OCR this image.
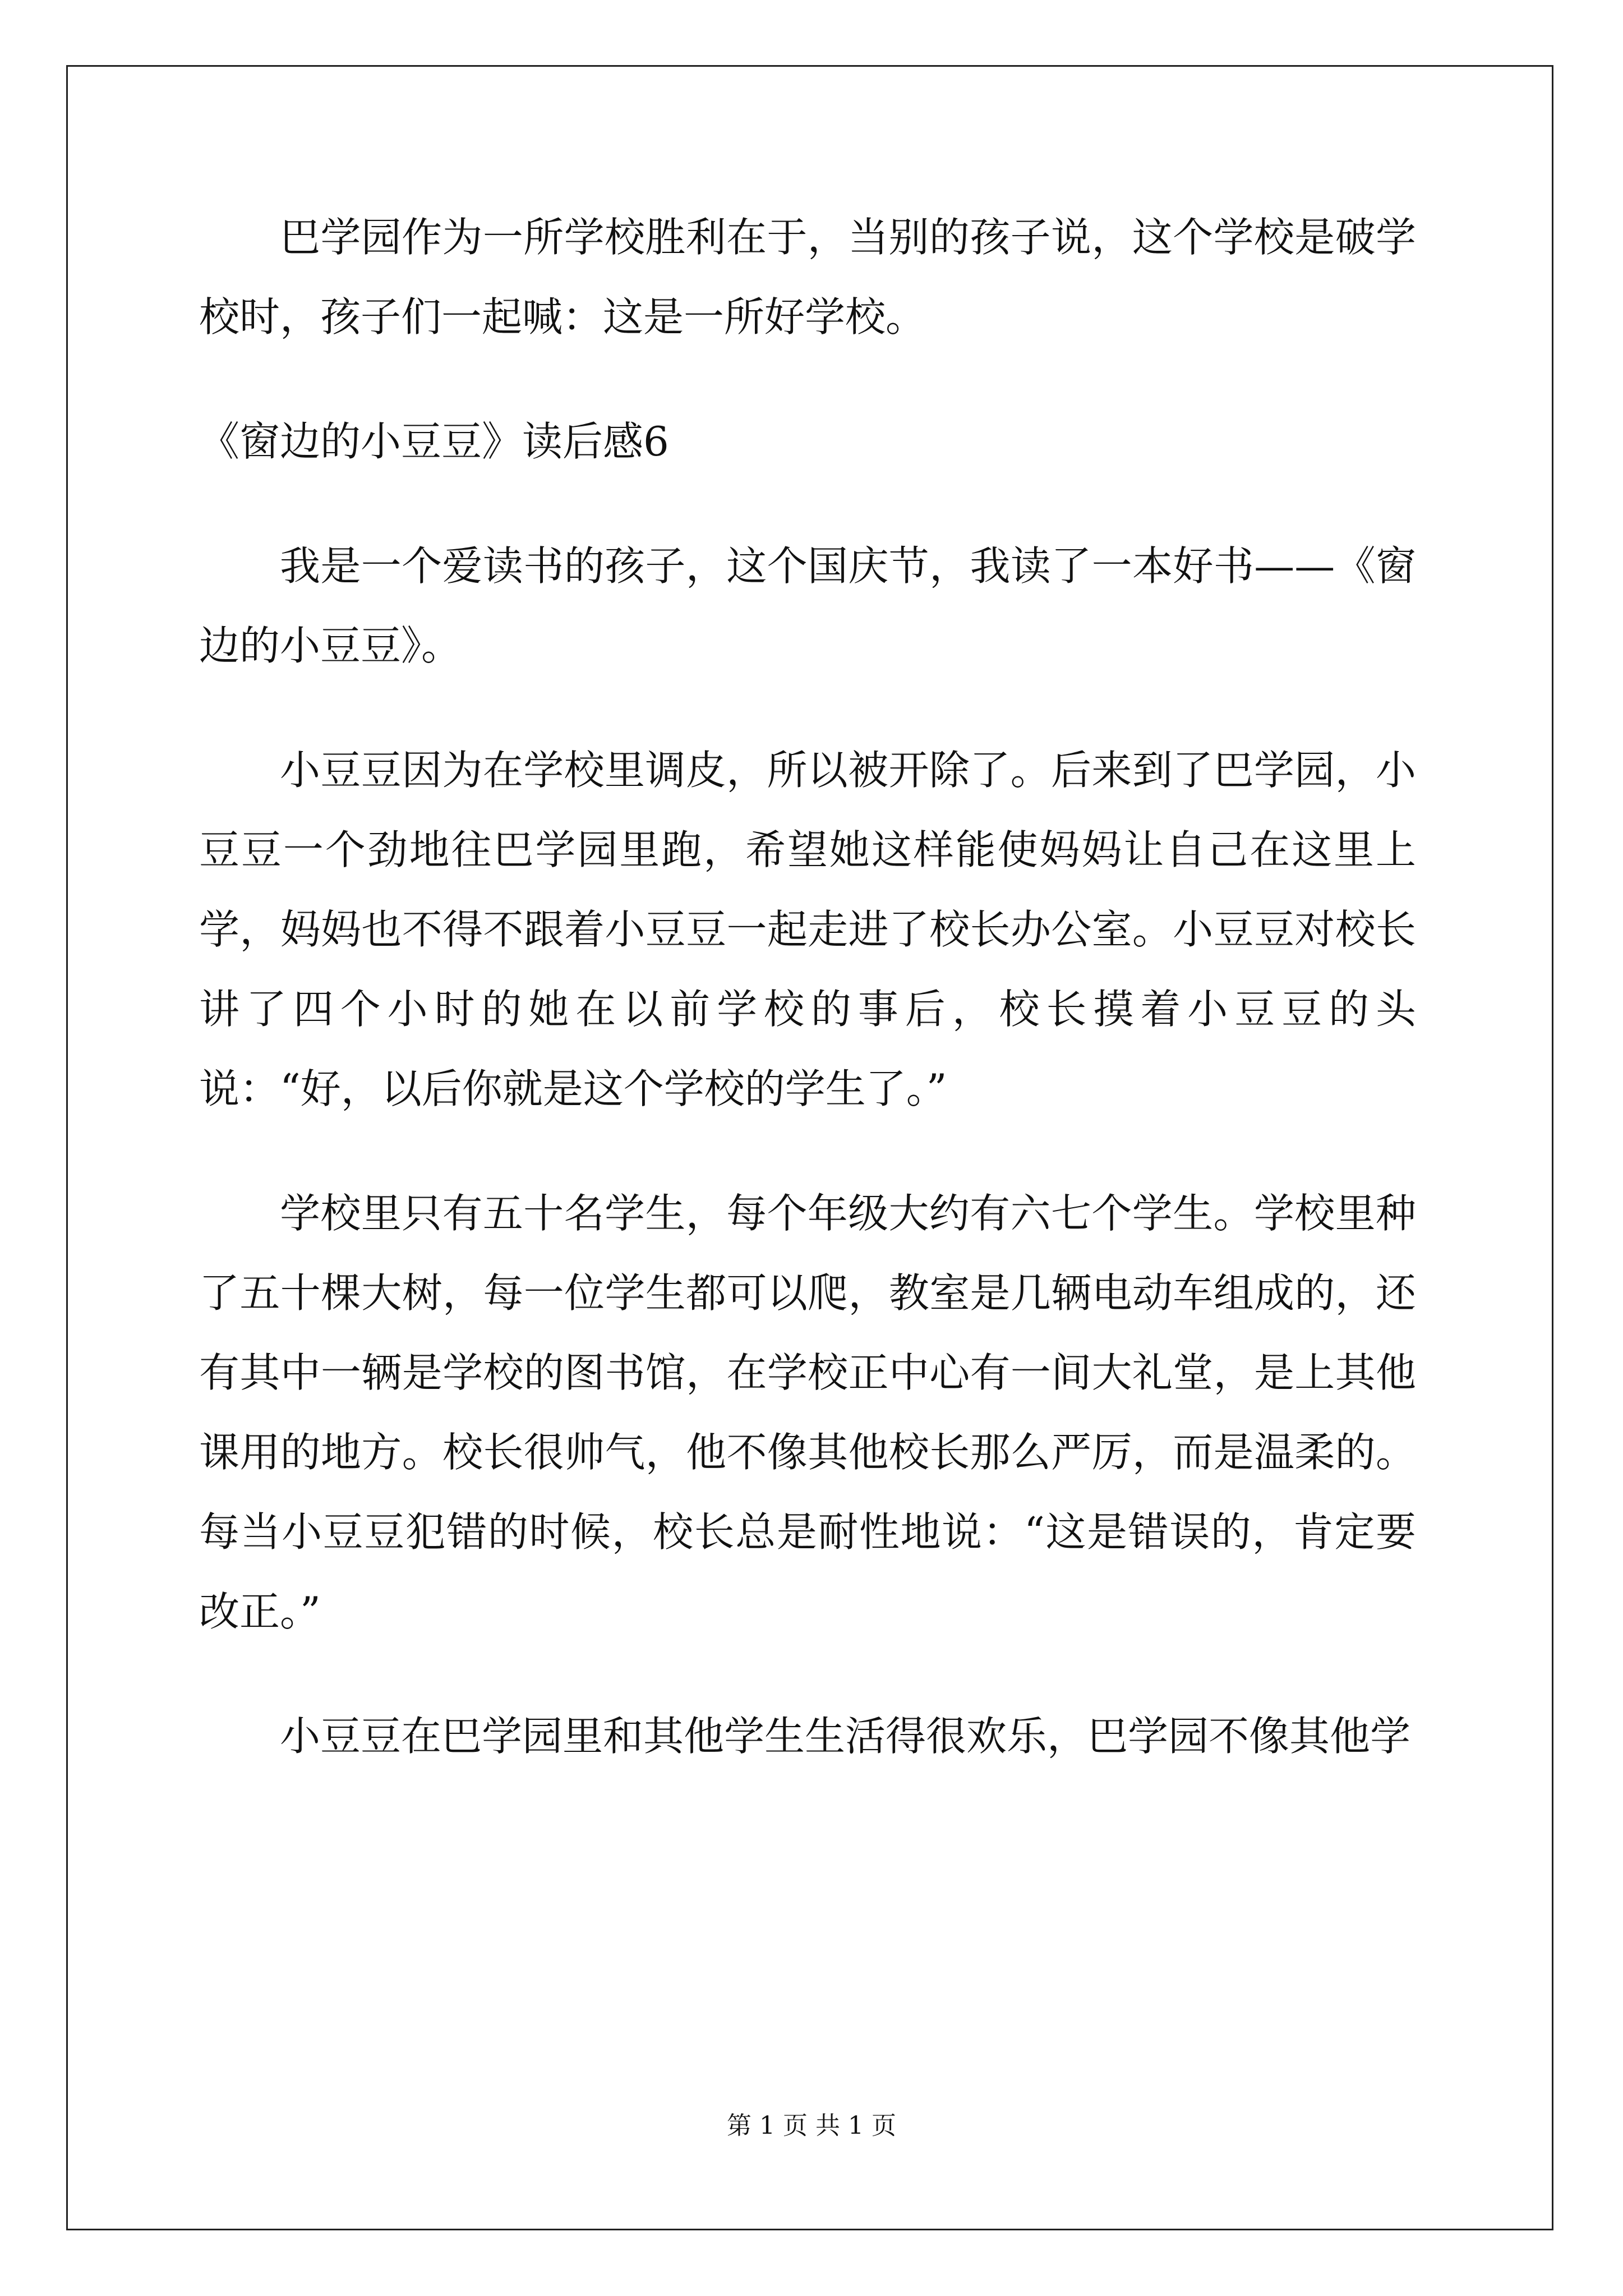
巴学园作为一所学校胜利在于，当别的孩子说，这个学校是破学校时，孩子们一起喊：这是一所好学校。

《窗边的小豆豆》读后感6

我是一个爱读书的孩子，这个国庆节，我读了一本好书——《窗边的小豆豆》。

小豆豆因为在学校里调皮，所以被开除了。后来到了巴学园，小豆豆一个劲地往巴学园里跑，希望她这样能使妈妈让自己在这里上学，妈妈也不得不跟着小豆豆一起走进了校长办公室。小豆豆对校长讲了四个小时的她在以前学校的事后，校长摸着小豆豆的头说：“好，以后你就是这个学校的学生了。”

学校里只有五十名学生，每个年级大约有六七个学生。学校里种了五十棵大树，每一位学生都可以爬，教室是几辆电动车组成的，还有其中一辆是学校的图书馆，在学校正中心有一间大礼堂，是上其他课用的地方。校长很帅气，他不像其他校长那么严厉，而是温柔的。每当小豆豆犯错的时候，校长总是耐性地说：“这是错误的，肯定要改正。”

小豆豆在巴学园里和其他学生生活得很欢乐，巴学园不像其他学

第 1 页 共 1 页
